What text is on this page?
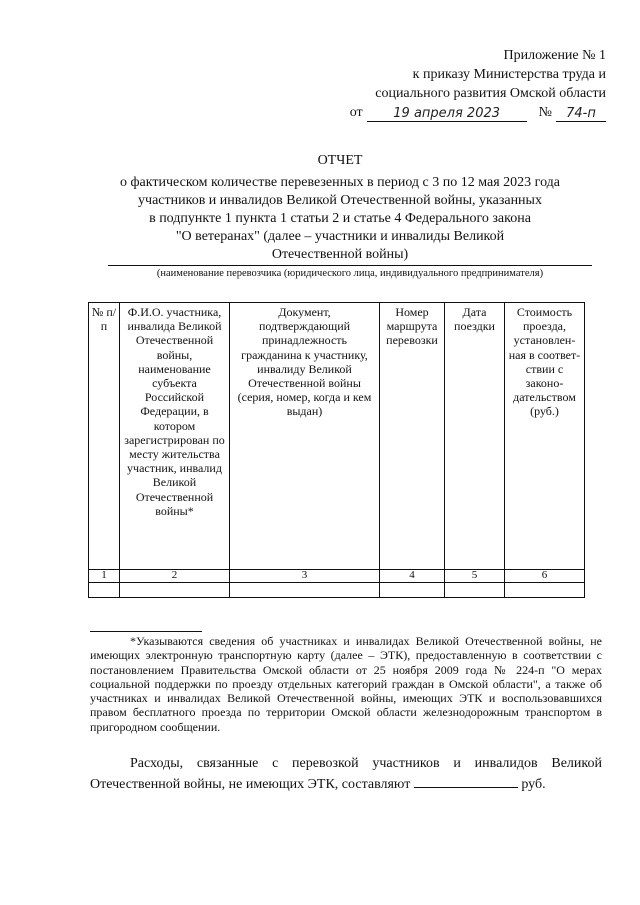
Приложение № 1
к приказу Министерства труда и
социального развития Омской области
от	19 апреля 2023	№	74-п
ОТЧЕТ
о фактическом количестве перевезенных в период с 3 по 12 мая 2023 года
участников и инвалидов Великой Отечественной войны, указанных
в подпункте 1 пункта 1 статьи 2 и статье 4 Федерального закона
"О ветеранах" (далее – участники и инвалиды Великой
Отечественной войны)
(наименование перевозчика (юридического лица, индивидуального предпринимателя)
№ п/п	Ф.И.О. участника, инвалида Великой Отечественной войны, наименование субъекта Российской Федерации, в котором зарегистрирован по месту жительства участник, инвалид Великой Отечественной войны*	Документ, подтверждающий принадлежность гражданина к участнику, инвалиду Великой Отечественной войны (серия, номер, когда и кем выдан)	Номер маршрута перевозки	Дата поездки	Стоимость проезда, установлен-ная в соответ-ствии с законо-дательством (руб.)
1	2	3	4	5	6

*Указываются сведения об участниках и инвалидах Великой Отечественной войны, не имеющих электронную транспортную карту (далее – ЭТК), предоставленную в соответствии с постановлением Правительства Омской области от 25 ноября 2009 года № 224-п "О мерах социальной поддержки по проезду отдельных категорий граждан в Омской области", а также об участниках и инвалидах Великой Отечественной войны, имеющих ЭТК и воспользовавшихся правом бесплатного проезда по территории Омской области железнодорожным транспортом в пригородном сообщении.
Расходы, связанные с перевозкой участников и инвалидов Великой Отечественной войны, не имеющих ЭТК, составляют	руб.
